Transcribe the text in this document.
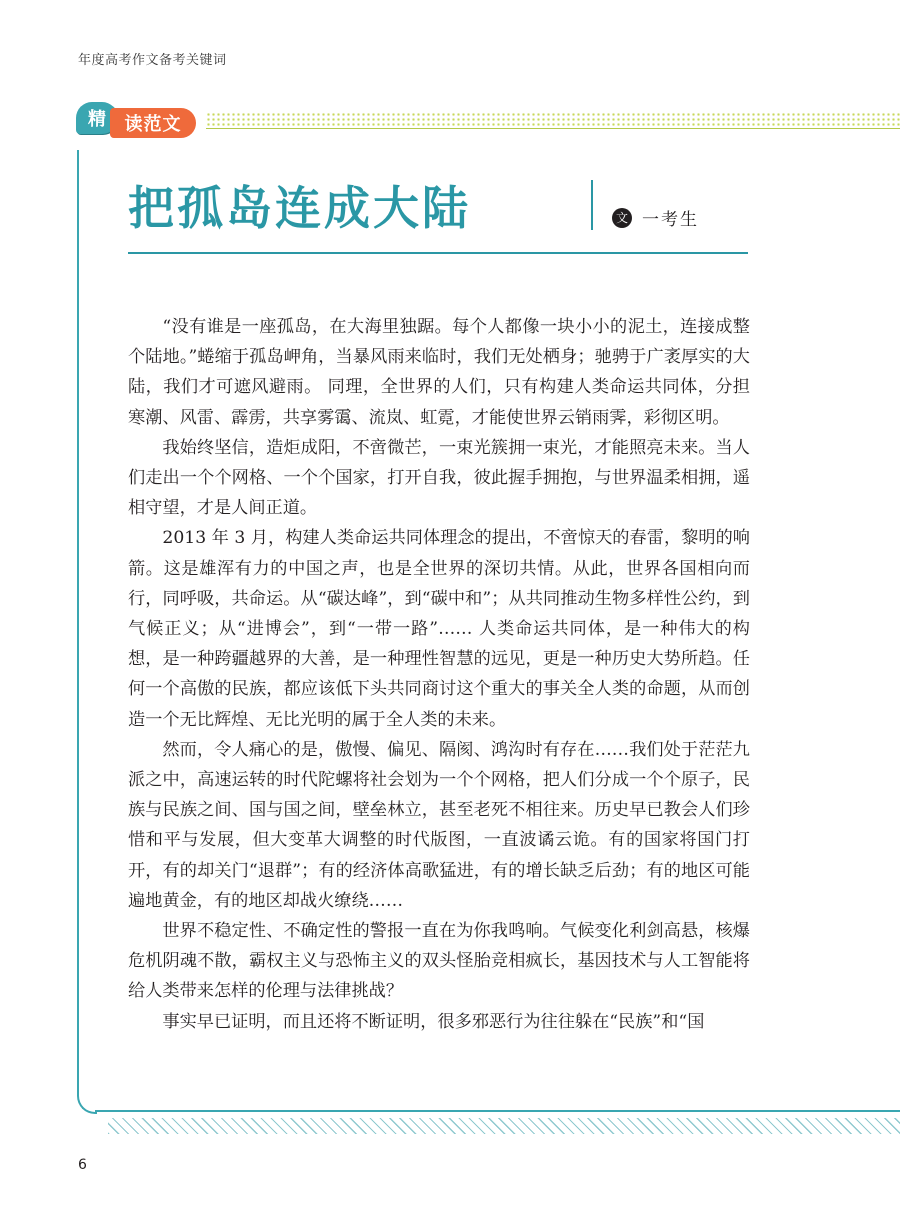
年度高考作文备考关键词
精	读范文
把孤岛连成大陆	文 一考生

“没有谁是一座孤岛，在大海里独踞。每个人都像一块小小的泥土，连接成整个陆地。”蜷缩于孤岛岬角，当暴风雨来临时，我们无处栖身；驰骋于广袤厚实的大陆，我们才可遮风避雨。 同理，全世界的人们，只有构建人类命运共同体，分担寒潮、风雷、霹雳，共享雾霭、流岚、虹霓，才能使世界云销雨霁，彩彻区明。

我始终坚信，造炬成阳，不啻微芒，一束光簇拥一束光，才能照亮未来。当人们走出一个个网格、一个个国家，打开自我，彼此握手拥抱，与世界温柔相拥，遥相守望，才是人间正道。

2013 年 3 月，构建人类命运共同体理念的提出，不啻惊天的春雷，黎明的响箭。这是雄浑有力的中国之声，也是全世界的深切共情。从此，世界各国相向而行，同呼吸，共命运。从“碳达峰”，到“碳中和”；从共同推动生物多样性公约，到气候正义；从“进博会”，到“一带一路”…… 人类命运共同体，是一种伟大的构想，是一种跨疆越界的大善，是一种理性智慧的远见，更是一种历史大势所趋。任何一个高傲的民族，都应该低下头共同商讨这个重大的事关全人类的命题，从而创造一个无比辉煌、无比光明的属于全人类的未来。

然而，令人痛心的是，傲慢、偏见、隔阂、鸿沟时有存在……我们处于茫茫九派之中，高速运转的时代陀螺将社会划为一个个网格，把人们分成一个个原子，民族与民族之间、国与国之间，壁垒林立，甚至老死不相往来。历史早已教会人们珍惜和平与发展，但大变革大调整的时代版图，一直波谲云诡。有的国家将国门打开，有的却关门“退群”；有的经济体高歌猛进，有的增长缺乏后劲；有的地区可能遍地黄金，有的地区却战火缭绕……

世界不稳定性、不确定性的警报一直在为你我鸣响。气候变化利剑高悬，核爆危机阴魂不散，霸权主义与恐怖主义的双头怪胎竞相疯长，基因技术与人工智能将给人类带来怎样的伦理与法律挑战？

事实早已证明，而且还将不断证明，很多邪恶行为往往躲在“民族”和“国

6
